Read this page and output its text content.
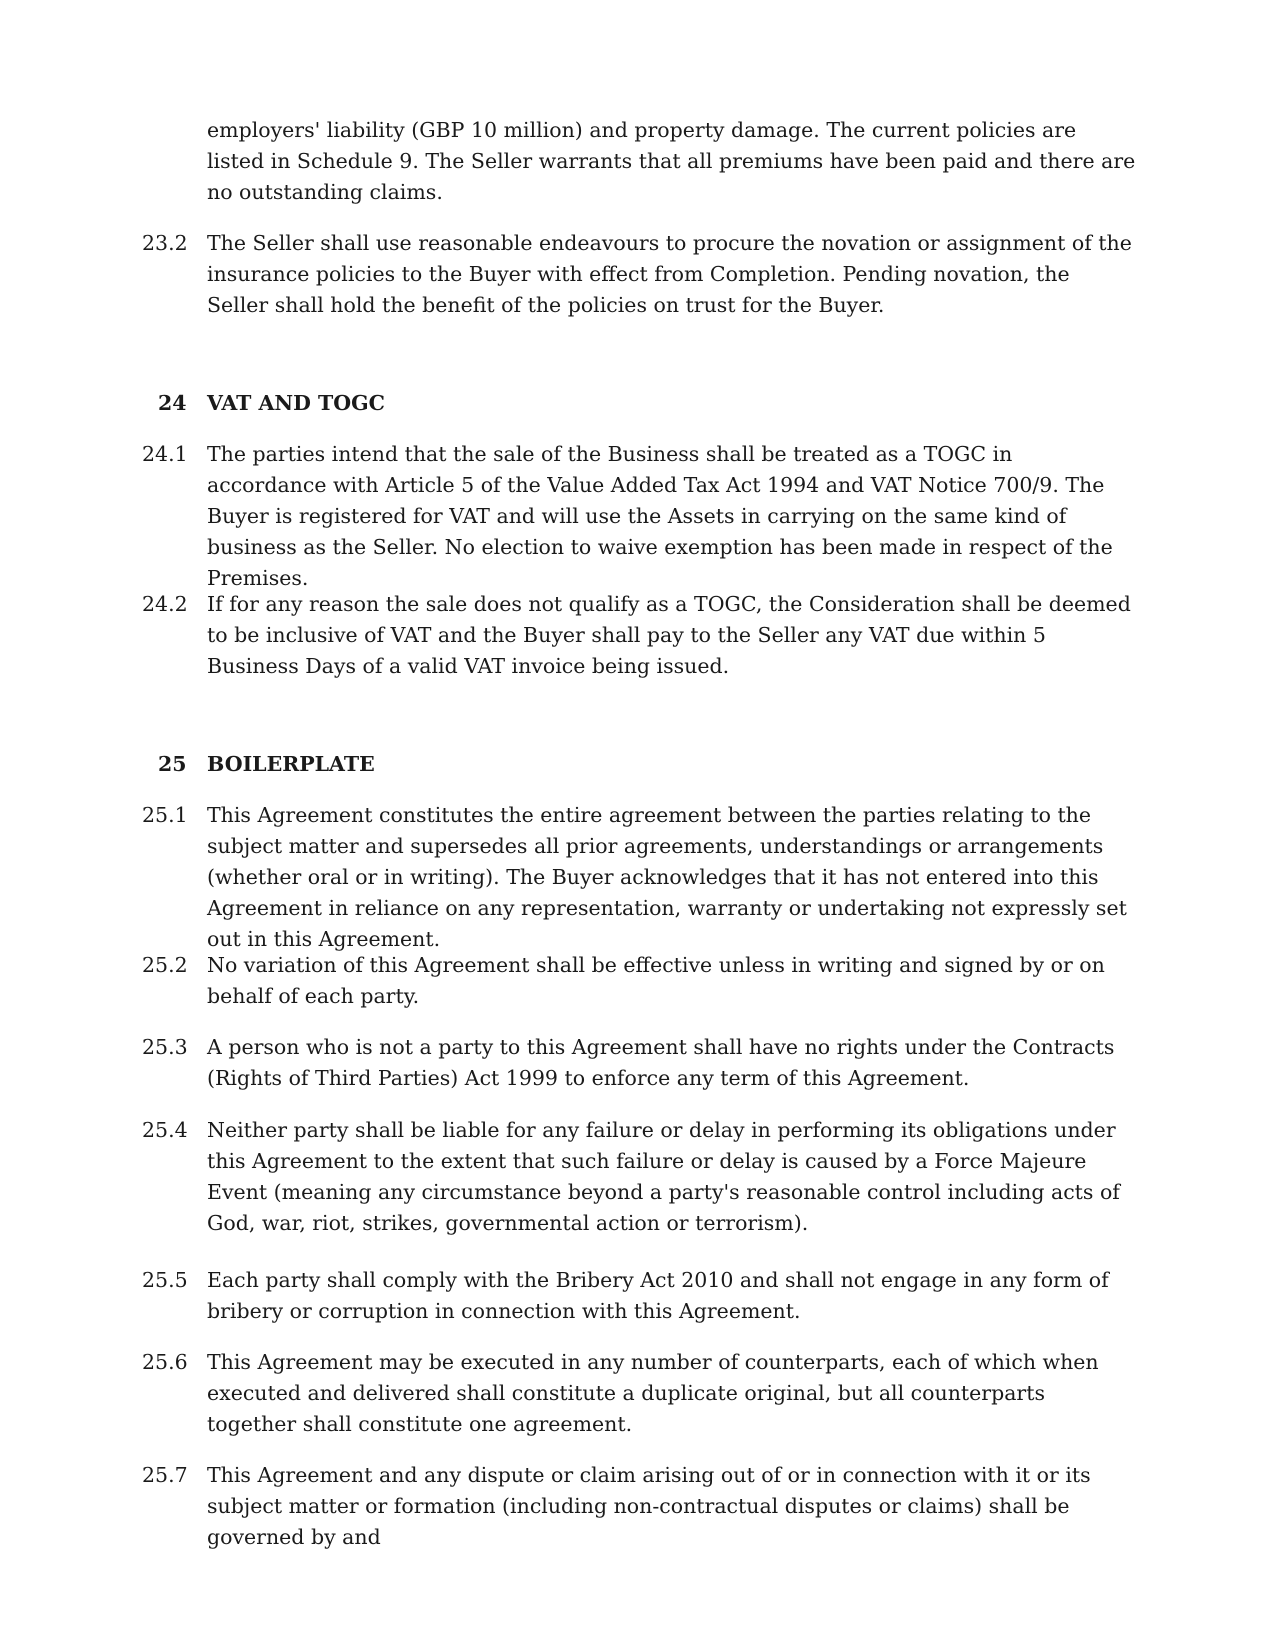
employers' liability (GBP 10 million) and property damage. The current policies are listed in Schedule 9. The Seller warrants that all premiums have been paid and there are no outstanding claims.

23.2 The Seller shall use reasonable endeavours to procure the novation or assignment of the insurance policies to the Buyer with effect from Completion. Pending novation, the Seller shall hold the benefit of the policies on trust for the Buyer.

24 VAT AND TOGC
24.1 The parties intend that the sale of the Business shall be treated as a TOGC in accordance with Article 5 of the Value Added Tax Act 1994 and VAT Notice 700/9. The Buyer is registered for VAT and will use the Assets in carrying on the same kind of business as the Seller. No election to waive exemption has been made in respect of the Premises.

24.2 If for any reason the sale does not qualify as a TOGC, the Consideration shall be deemed to be inclusive of VAT and the Buyer shall pay to the Seller any VAT due within 5 Business Days of a valid VAT invoice being issued.

25 BOILERPLATE
25.1 This Agreement constitutes the entire agreement between the parties relating to the subject matter and supersedes all prior agreements, understandings or arrangements (whether oral or in writing). The Buyer acknowledges that it has not entered into this Agreement in reliance on any representation, warranty or undertaking not expressly set out in this Agreement.

25.2 No variation of this Agreement shall be effective unless in writing and signed by or on behalf of each party.

25.3 A person who is not a party to this Agreement shall have no rights under the Contracts (Rights of Third Parties) Act 1999 to enforce any term of this Agreement.

25.4 Neither party shall be liable for any failure or delay in performing its obligations under this Agreement to the extent that such failure or delay is caused by a Force Majeure Event (meaning any circumstance beyond a party's reasonable control including acts of God, war, riot, strikes, governmental action or terrorism).

25.5 Each party shall comply with the Bribery Act 2010 and shall not engage in any form of bribery or corruption in connection with this Agreement.

25.6 This Agreement may be executed in any number of counterparts, each of which when executed and delivered shall constitute a duplicate original, but all counterparts together shall constitute one agreement.

25.7 This Agreement and any dispute or claim arising out of or in connection with it or its subject matter or formation (including non-contractual disputes or claims) shall be governed by and
